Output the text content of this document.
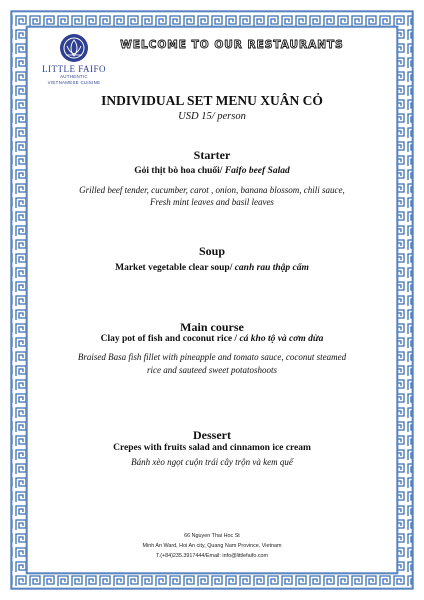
LITTLE FAIFO
AUTHENTIC
VIETNAMESE CUISINE
WELCOME TO OUR RESTAURANTS
INDIVIDUAL SET MENU XUÂN CỎ
USD 15/ person
Starter
Gỏi thịt bò hoa chuối/ Faifo beef Salad
Grilled beef tender, cucumber, carot , onion, banana blossom, chili sauce,
Fresh mint leaves and basil leaves
Soup
Market vegetable clear soup/ canh rau thập cẩm
Main course
Clay pot of fish and coconut rice / cá kho tộ và cơm dừa
Braised Basa fish fillet with pineapple and tomato sauce, coconut steamed
rice and sauteed sweet potatoshoots
Dessert
Crepes with fruits salad and cinnamon ice cream
Bánh xèo ngọt cuộn trái cây trộn và kem quế
66 Nguyen Thai Hoc St
Minh An Ward, Hoi An city, Quang Nam Province, Vietnam
T.(+84)235.3917444/Email: info@littlefaifo.com
